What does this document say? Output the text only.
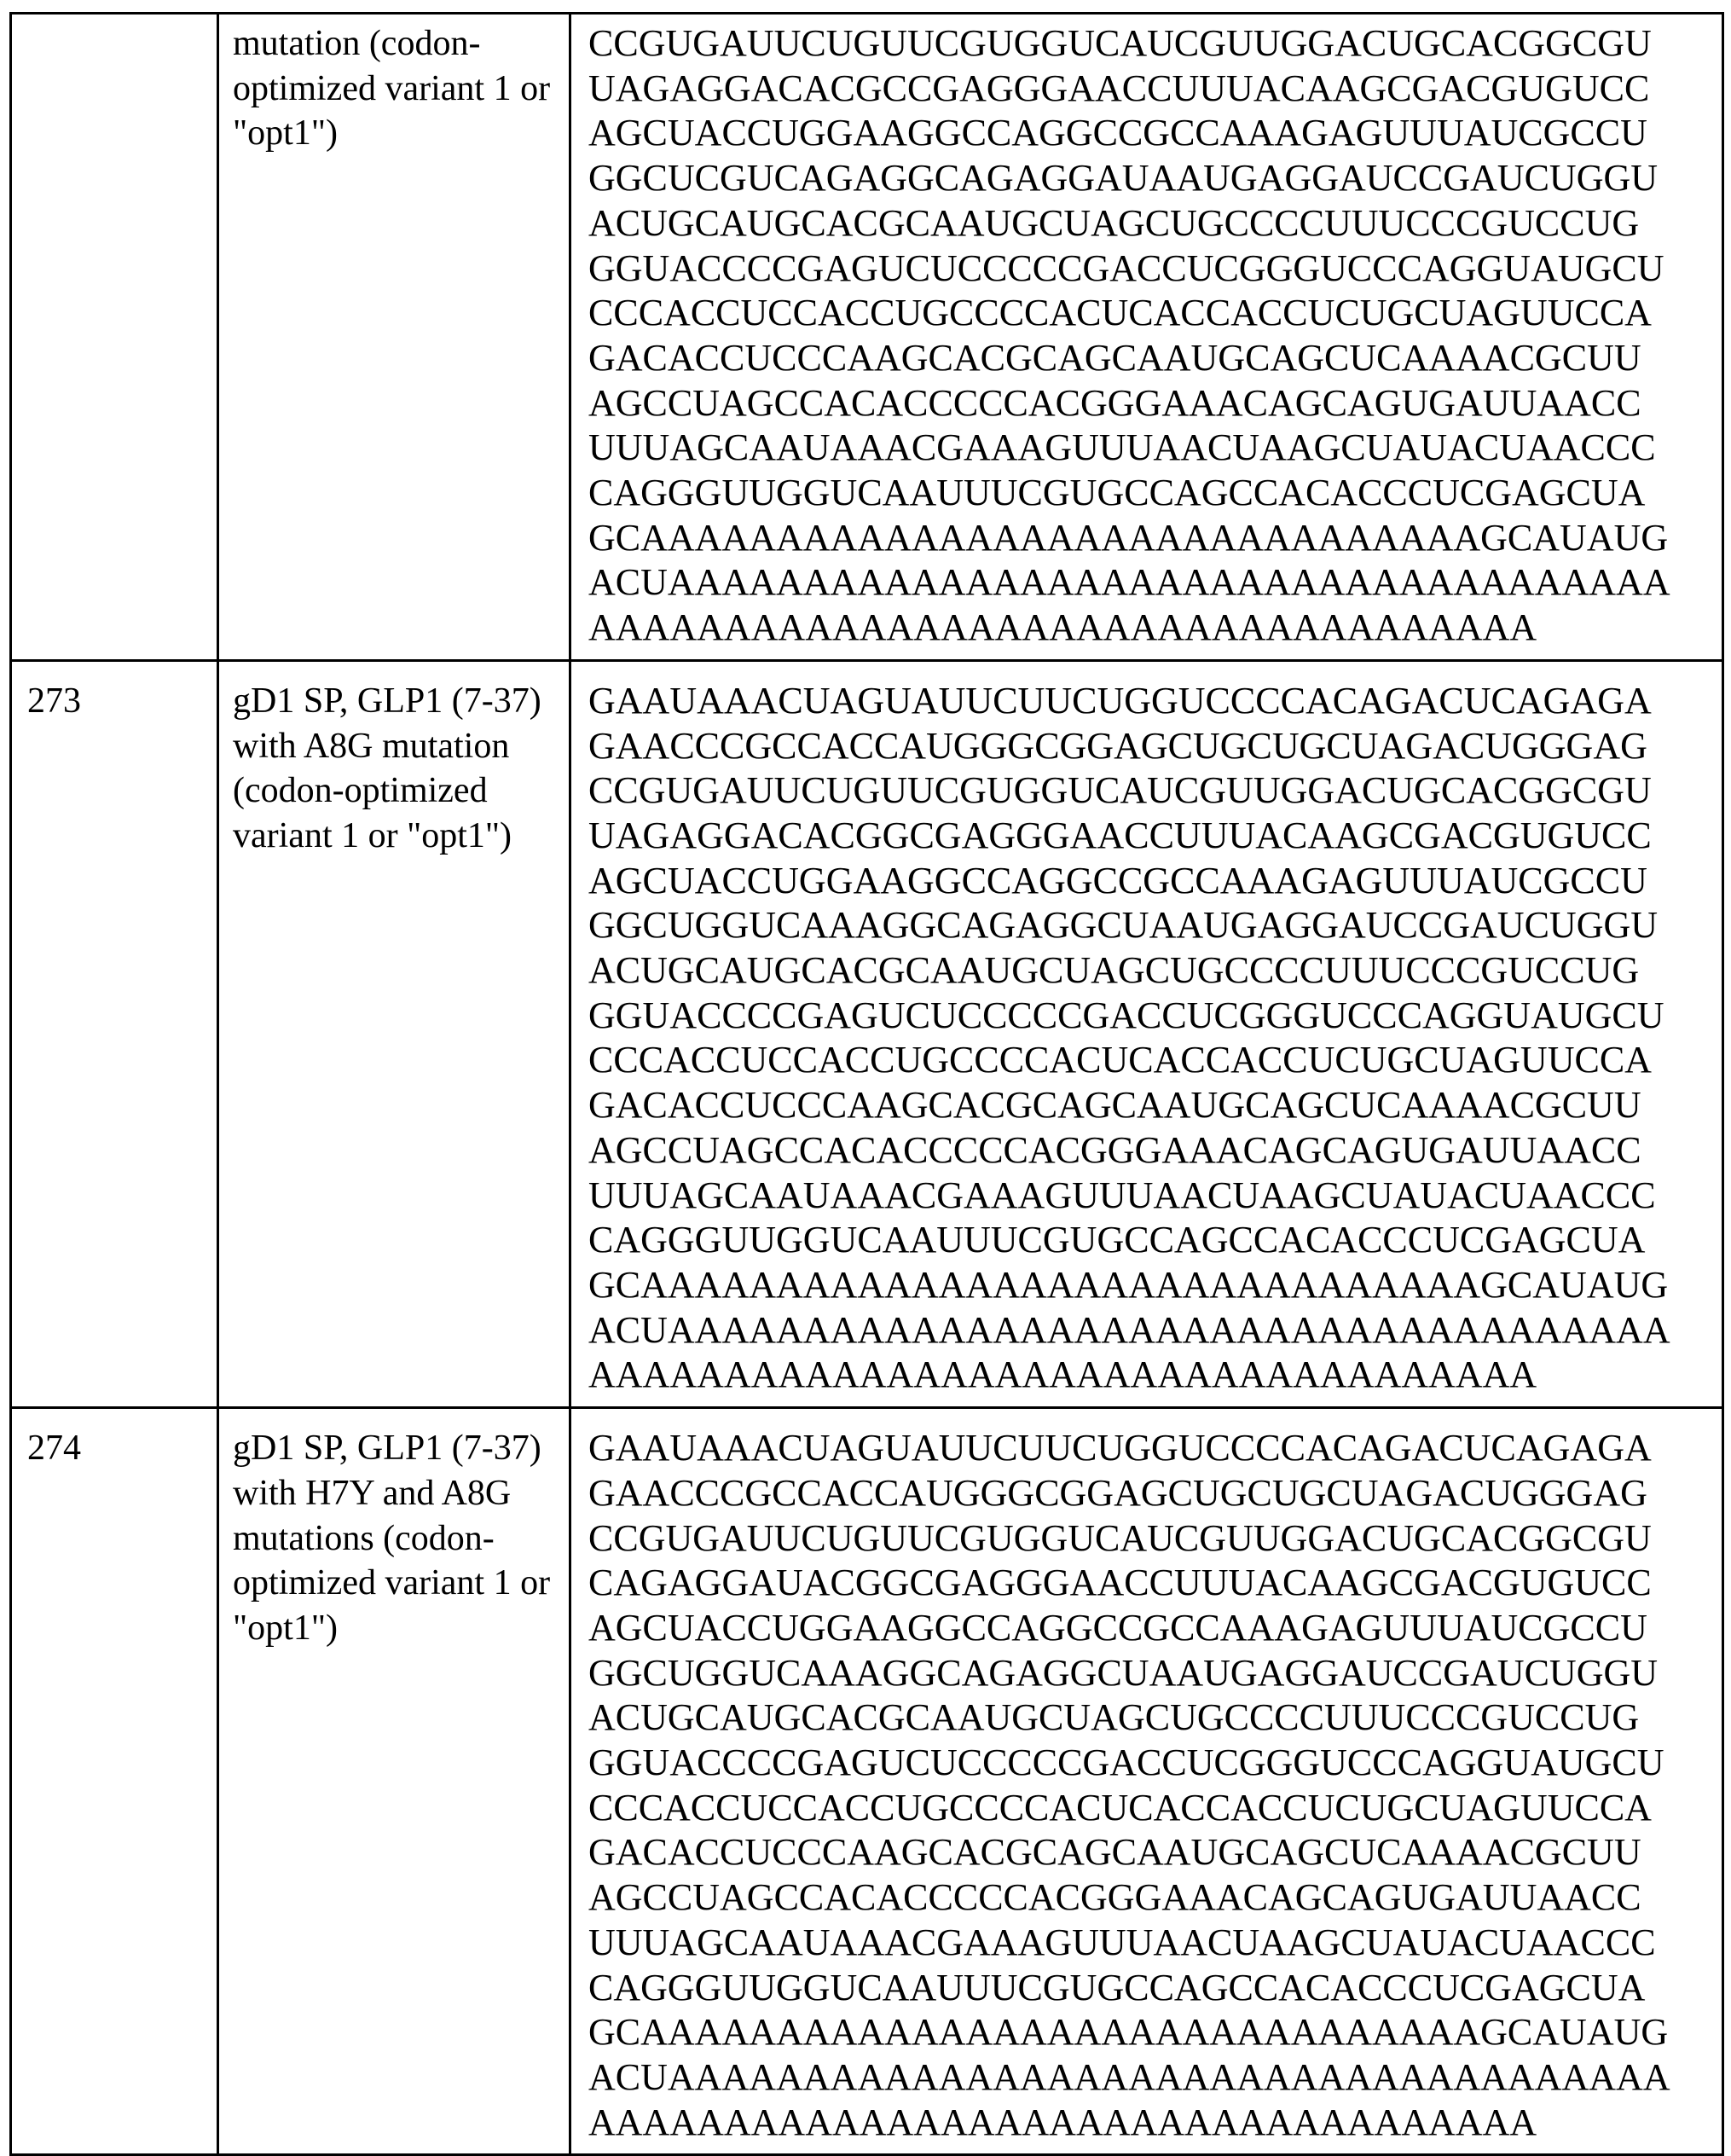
mutation (codon-optimized variant 1 or "opt1")

CCGUGAUUCUGUUCGUGGUCAUCGUUGGACUGCACGGCGU
UAGAGGACACGCCGAGGGAACCUUUACAAGCGACGUGUCC
AGCUACCUGGAAGGCCAGGCCGCCAAAGAGUUUAUCGCCU
GGCUCGUCAGAGGCAGAGGAUAAUGAGGAUCCGAUCUGGU
ACUGCAUGCACGCAAUGCUAGCUGCCCCUUUCCCGUCCUG
GGUACCCCGAGUCUCCCCCGACCUCGGGUCCCAGGUAUGCU
CCCACCUCCACCUGCCCCACUCACCACCUCUGCUAGUUCCA
GACACCUCCCAAGCACGCAGCAAUGCAGCUCAAAACGCUU
AGCCUAGCCACACCCCCACGGGAAACAGCAGUGAUUAACC
UUUAGCAAUAAACGAAAGUUUAACUAAGCUAUACUAACCC
CAGGGUUGGUCAAUUUCGUGCCAGCCACACCCUCGAGCUA
GCAAAAAAAAAAAAAAAAAAAAAAAAAAAAAAAGCAUAUG
ACUAAAAAAAAAAAAAAAAAAAAAAAAAAAAAAAAAAAAA
AAAAAAAAAAAAAAAAAAAAAAAAAAAAAAAAAAA

273	gD1 SP, GLP1 (7-37) with A8G mutation (codon-optimized variant 1 or "opt1")

GAAUAAACUAGUAUUCUUCUGGUCCCCACAGACUCAGAGA
GAACCCGCCACCAUGGGCGGAGCUGCUGCUAGACUGGGAG
CCGUGAUUCUGUUCGUGGUCAUCGUUGGACUGCACGGCGU
UAGAGGACACGGCGAGGGAACCUUUACAAGCGACGUGUCC
AGCUACCUGGAAGGCCAGGCCGCCAAAGAGUUUAUCGCCU
GGCUGGUCAAAGGCAGAGGCUAAUGAGGAUCCGAUCUGGU
ACUGCAUGCACGCAAUGCUAGCUGCCCCUUUCCCGUCCUG
GGUACCCCGAGUCUCCCCCGACCUCGGGUCCCAGGUAUGCU
CCCACCUCCACCUGCCCCACUCACCACCUCUGCUAGUUCCA
GACACCUCCCAAGCACGCAGCAAUGCAGCUCAAAACGCUU
AGCCUAGCCACACCCCCACGGGAAACAGCAGUGAUUAACC
UUUAGCAAUAAACGAAAGUUUAACUAAGCUAUACUAACCC
CAGGGUUGGUCAAUUUCGUGCCAGCCACACCCUCGAGCUA
GCAAAAAAAAAAAAAAAAAAAAAAAAAAAAAAAGCAUAUG
ACUAAAAAAAAAAAAAAAAAAAAAAAAAAAAAAAAAAAAA
AAAAAAAAAAAAAAAAAAAAAAAAAAAAAAAAAAA

274	gD1 SP, GLP1 (7-37) with H7Y and A8G mutations (codon-optimized variant 1 or "opt1")

GAAUAAACUAGUAUUCUUCUGGUCCCCACAGACUCAGAGA
GAACCCGCCACCAUGGGCGGAGCUGCUGCUAGACUGGGAG
CCGUGAUUCUGUUCGUGGUCAUCGUUGGACUGCACGGCGU
CAGAGGAUACGGCGAGGGAACCUUUACAAGCGACGUGUCC
AGCUACCUGGAAGGCCAGGCCGCCAAAGAGUUUAUCGCCU
GGCUGGUCAAAGGCAGAGGCUAAUGAGGAUCCGAUCUGGU
ACUGCAUGCACGCAAUGCUAGCUGCCCCUUUCCCGUCCUG
GGUACCCCGAGUCUCCCCCGACCUCGGGUCCCAGGUAUGCU
CCCACCUCCACCUGCCCCACUCACCACCUCUGCUAGUUCCA
GACACCUCCCAAGCACGCAGCAAUGCAGCUCAAAACGCUU
AGCCUAGCCACACCCCCACGGGAAACAGCAGUGAUUAACC
UUUAGCAAUAAACGAAAGUUUAACUAAGCUAUACUAACCC
CAGGGUUGGUCAAUUUCGUGCCAGCCACACCCUCGAGCUA
GCAAAAAAAAAAAAAAAAAAAAAAAAAAAAAAAGCAUAUG
ACUAAAAAAAAAAAAAAAAAAAAAAAAAAAAAAAAAAAAA
AAAAAAAAAAAAAAAAAAAAAAAAAAAAAAAAAAA
